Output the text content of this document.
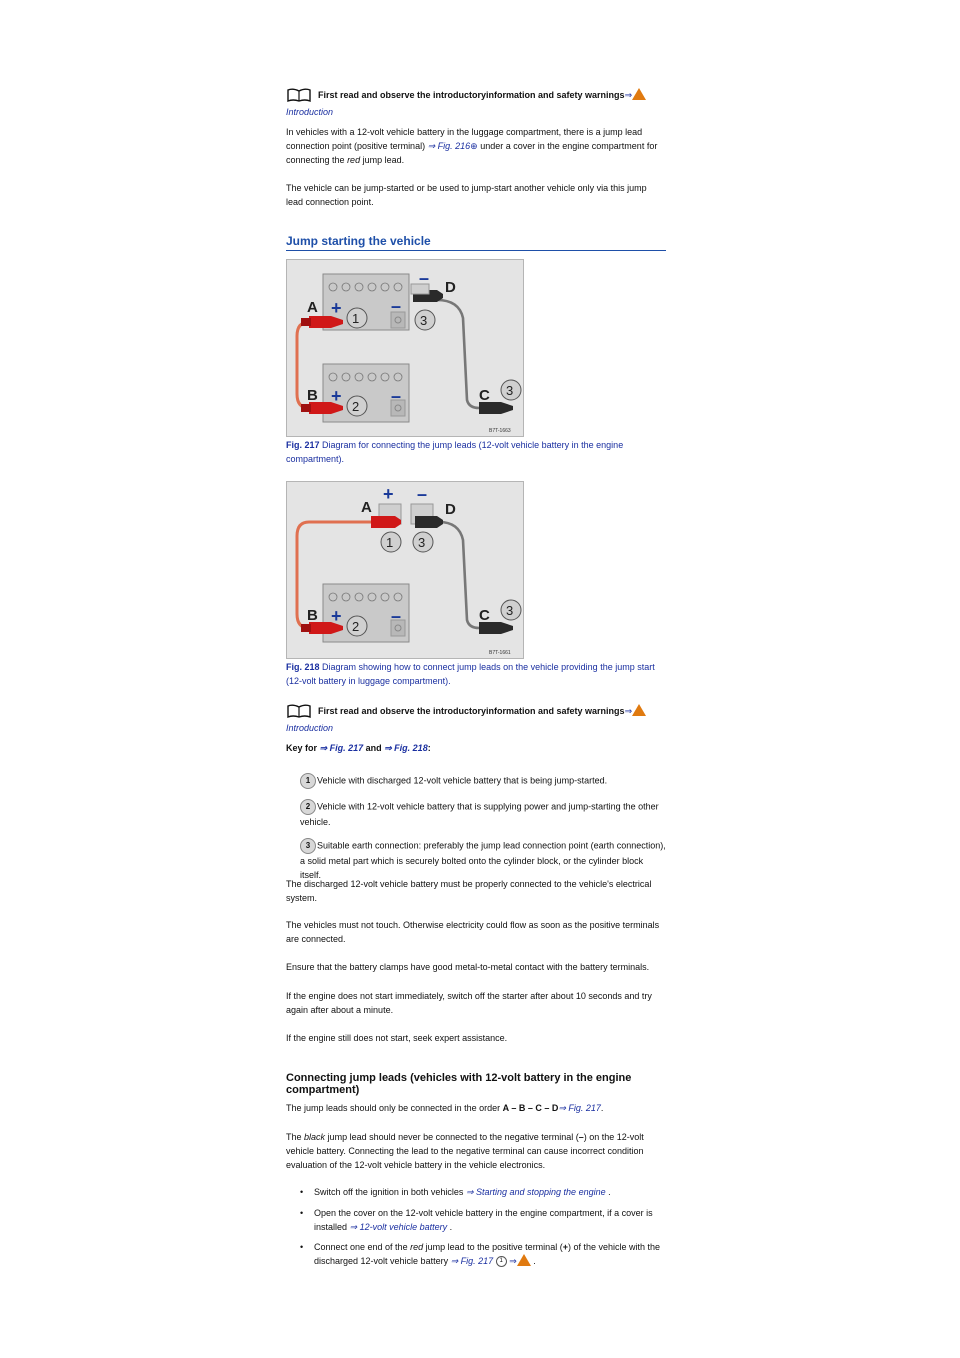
First read and observe the introductoryinformation and safety warnings⇒
Introduction
In vehicles with a 12-volt vehicle battery in the luggage compartment, there is a jump lead connection point (positive terminal) ⇒ Fig. 216⊕ under a cover in the engine compartment for connecting the red jump lead.
The vehicle can be jump-started or be used to jump-start another vehicle only via this jump lead connection point.
Jump starting the vehicle
A
B	C
D
+	–
–
+	–
1	3
3
2
B7T-1663
Fig. 217 Diagram for connecting the jump leads (12-volt vehicle battery in the engine compartment).
A
B	C
D
+ –
+	–
1 3
3
2
B7T-1661
Fig. 218 Diagram showing how to connect jump leads on the vehicle providing the jump start (12-volt battery in luggage compartment).
First read and observe the introductoryinformation and safety warnings⇒
Introduction
Key for ⇒ Fig. 217 and ⇒ Fig. 218:
1 Vehicle with discharged 12-volt vehicle battery that is being jump-started.
2 Vehicle with 12-volt vehicle battery that is supplying power and jump-starting the other vehicle.
3 Suitable earth connection: preferably the jump lead connection point (earth connection), a solid metal part which is securely bolted onto the cylinder block, or the cylinder block itself.
The discharged 12-volt vehicle battery must be properly connected to the vehicle's electrical system.
The vehicles must not touch. Otherwise electricity could flow as soon as the positive terminals are connected.
Ensure that the battery clamps have good metal-to-metal contact with the battery terminals.
If the engine does not start immediately, switch off the starter after about 10 seconds and try again after about a minute.
If the engine still does not start, seek expert assistance.
Connecting jump leads (vehicles with 12-volt battery in the engine compartment)
The jump leads should only be connected in the order A – B – C – D⇒ Fig. 217.
The black jump lead should never be connected to the negative terminal (–) on the 12-volt vehicle battery. Connecting the lead to the negative terminal can cause incorrect condition evaluation of the 12-volt vehicle battery in the vehicle electronics.
• Switch off the ignition in both vehicles ⇒ Starting and stopping the engine .
• Open the cover on the 12-volt vehicle battery in the engine compartment, if a cover is installed ⇒ 12-volt vehicle battery .
• Connect one end of the red jump lead to the positive terminal (+) of the vehicle with the discharged 12-volt vehicle battery ⇒ Fig. 217 1 ⇒ .
